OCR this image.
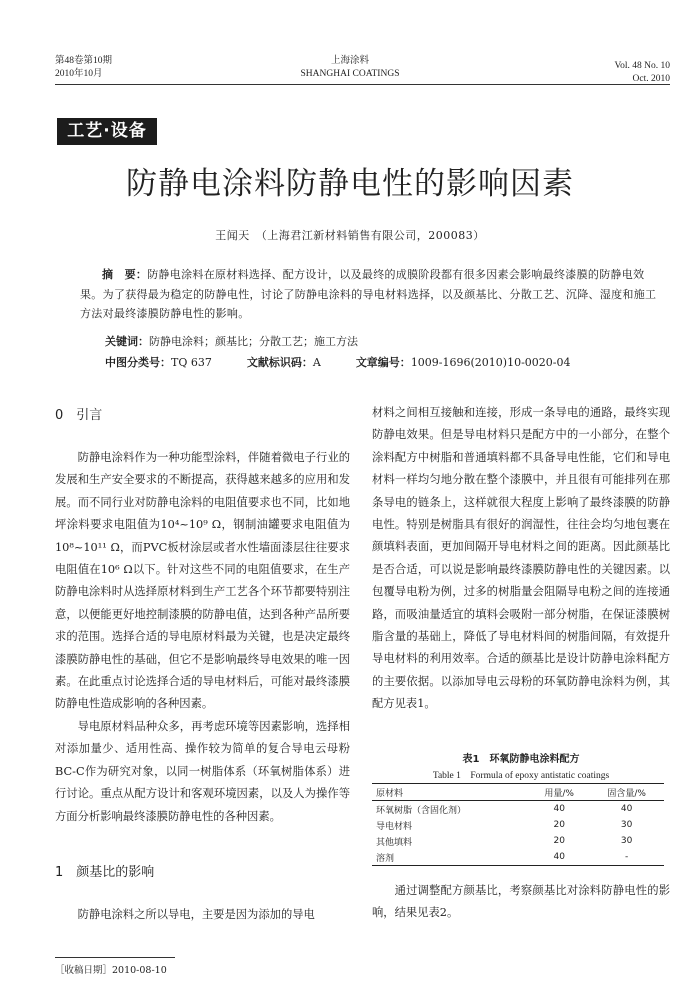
第48卷第10期
2010年10月
上海涂料
SHANGHAI COATINGS
Vol. 48 No. 10
Oct. 2010
工艺·设备
防静电涂料防静电性的影响因素
王闻天　（上海君江新材料销售有限公司，200083）

摘　要：防静电涂料在原材料选择、配方设计，以及最终的成膜阶段都有很多因素会影响最终漆膜的防静电效果。为了获得最为稳定的防静电性，讨论了防静电涂料的导电材料选择，以及颜基比、分散工艺、沉降、湿度和施工方法对最终漆膜防静电性的影响。

关键词：防静电涂料；颜基比；分散工艺；施工方法
中图分类号：TQ 637	文献标识码：A	文章编号：1009-1696(2010)10-0020-04
0　引言

防静电涂料作为一种功能型涂料，伴随着微电子行业的发展和生产安全要求的不断提高，获得越来越多的应用和发展。而不同行业对防静电涂料的电阻值要求也不同，比如地坪涂料要求电阻值为10⁴~10⁹ Ω，钢制油罐要求电阻值为10⁸~10¹¹ Ω，而PVC板材涂层或者水性墙面漆层往往要求电阻值在10⁶ Ω以下。针对这些不同的电阻值要求，在生产防静电涂料时从选择原材料到生产工艺各个环节都要特别注意，以便能更好地控制漆膜的防静电值，达到各种产品所要求的范围。选择合适的导电原材料最为关键，也是决定最终漆膜防静电性的基础，但它不是影响最终导电效果的唯一因素。在此重点讨论选择合适的导电材料后，可能对最终漆膜防静电性造成影响的各种因素。

导电原材料品种众多，再考虑环境等因素影响，选择相对添加量少、适用性高、操作较为简单的复合导电云母粉BC-C作为研究对象，以同一树脂体系（环氧树脂体系）进行讨论。重点从配方设计和客观环境因素，以及人为操作等方面分析影响最终漆膜防静电性的各种因素。

1　颜基比的影响

防静电涂料之所以导电，主要是因为添加的导电

材料之间相互接触和连接，形成一条导电的通路，最终实现防静电效果。但是导电材料只是配方中的一小部分，在整个涂料配方中树脂和普通填料都不具备导电性能，它们和导电材料一样均匀地分散在整个漆膜中，并且很有可能排列在那条导电的链条上，这样就很大程度上影响了最终漆膜的防静电性。特别是树脂具有很好的润湿性，往往会均匀地包裹在颜填料表面，更加间隔开导电材料之间的距离。因此颜基比是否合适，可以说是影响最终漆膜防静电性的关键因素。以包覆导电粉为例，过多的树脂量会阻隔导电粉之间的连接通路，而吸油量适宜的填料会吸附一部分树脂，在保证漆膜树脂含量的基础上，降低了导电材料间的树脂间隔，有效提升导电材料的利用效率。合适的颜基比是设计防静电涂料配方的主要依据。以添加导电云母粉的环氧防静电涂料为例，其配方见表1。

表1　环氧防静电涂料配方
Table 1　Formula of epoxy antistatic coatings
原材料	用量/%	固含量/%
环氧树脂（含固化剂）	40	40
导电材料	20	30
其他填料	20	30
溶剂	40	-

通过调整配方颜基比，考察颜基比对涂料防静电性的影响，结果见表2。

［收稿日期］2010-08-10
